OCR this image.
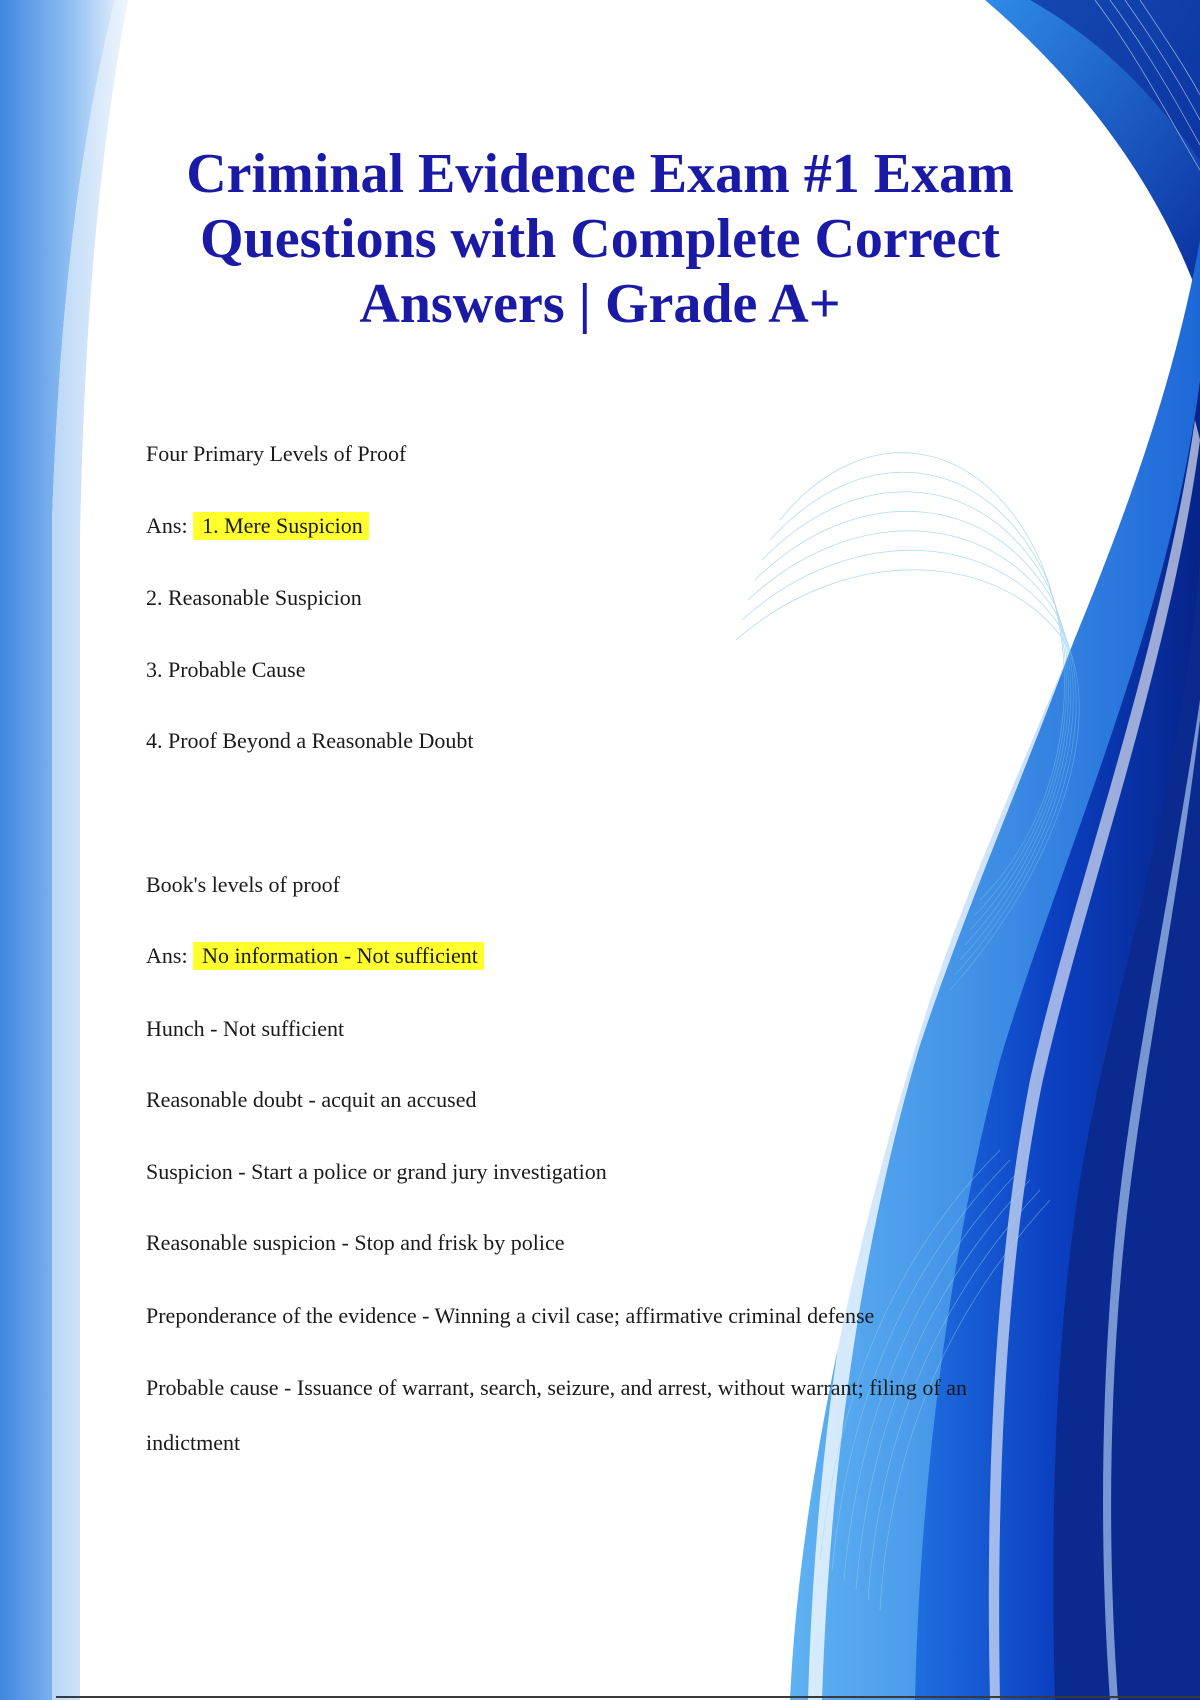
Criminal Evidence Exam #1 Exam Questions with Complete Correct Answers | Grade A+

Four Primary Levels of Proof

Ans: 1. Mere Suspicion

2. Reasonable Suspicion

3. Probable Cause

4. Proof Beyond a Reasonable Doubt

Book's levels of proof

Ans: No information - Not sufficient

Hunch - Not sufficient

Reasonable doubt - acquit an accused

Suspicion - Start a police or grand jury investigation

Reasonable suspicion - Stop and frisk by police

Preponderance of the evidence - Winning a civil case; affirmative criminal defense

Probable cause - Issuance of warrant, search, seizure, and arrest, without warrant; filing of an

indictment
